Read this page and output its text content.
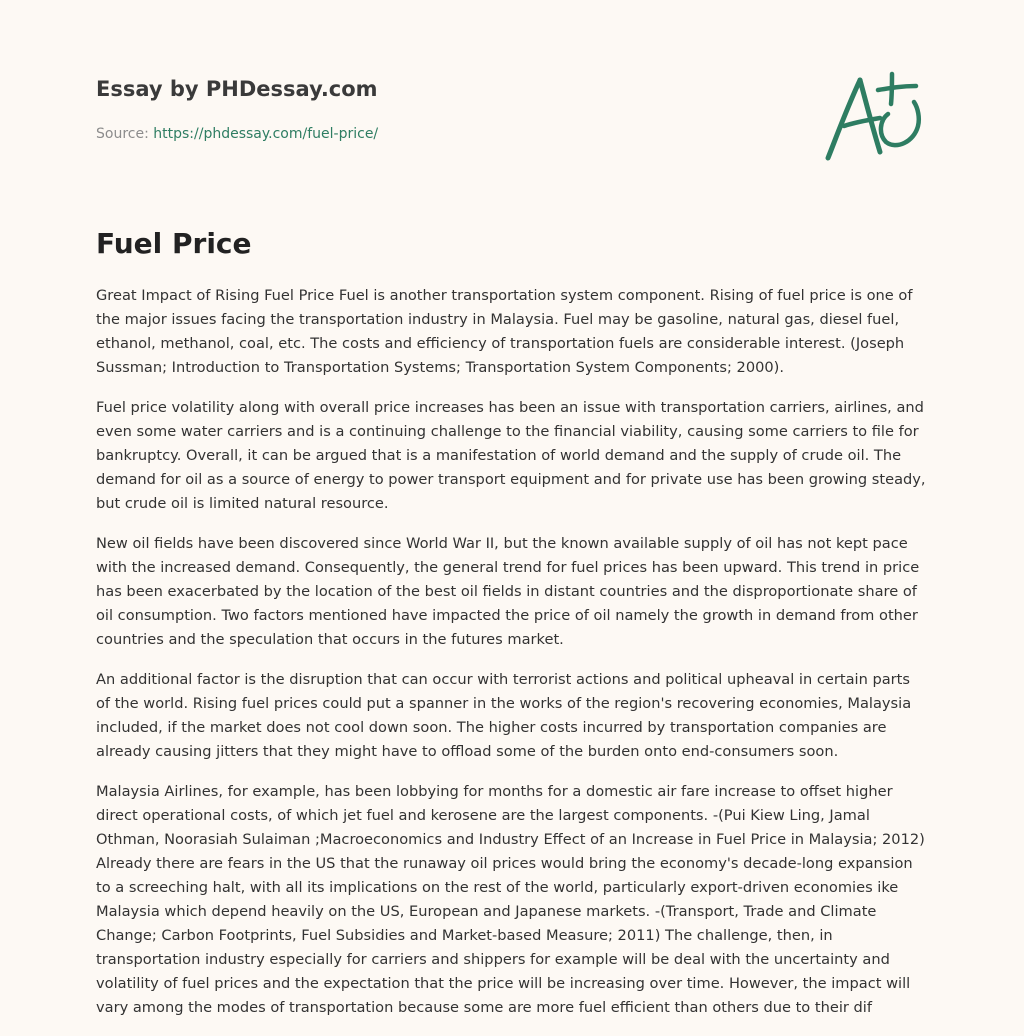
Essay by PHDessay.com
Source: https://phdessay.com/fuel-price/
Fuel Price

Great Impact of Rising Fuel Price Fuel is another transportation system component. Rising of fuel price is one of the major issues facing the transportation industry in Malaysia. Fuel may be gasoline, natural gas, diesel fuel, ethanol, methanol, coal, etc. The costs and efficiency of transportation fuels are considerable interest. (Joseph Sussman; Introduction to Transportation Systems; Transportation System Components; 2000).

Fuel price volatility along with overall price increases has been an issue with transportation carriers, airlines, and even some water carriers and is a continuing challenge to the financial viability, causing some carriers to file for bankruptcy. Overall, it can be argued that is a manifestation of world demand and the supply of crude oil. The demand for oil as a source of energy to power transport equipment and for private use has been growing steady, but crude oil is limited natural resource.

New oil fields have been discovered since World War II, but the known available supply of oil has not kept pace with the increased demand. Consequently, the general trend for fuel prices has been upward. This trend in price has been exacerbated by the location of the best oil fields in distant countries and the disproportionate share of oil consumption. Two factors mentioned have impacted the price of oil namely the growth in demand from other countries and the speculation that occurs in the futures market.

An additional factor is the disruption that can occur with terrorist actions and political upheaval in certain parts of the world. Rising fuel prices could put a spanner in the works of the region's recovering economies, Malaysia included, if the market does not cool down soon. The higher costs incurred by transportation companies are already causing jitters that they might have to offload some of the burden onto end-consumers soon.

Malaysia Airlines, for example, has been lobbying for months for a domestic air fare increase to offset higher direct operational costs, of which jet fuel and kerosene are the largest components. -(Pui Kiew Ling, Jamal Othman, Noorasiah Sulaiman ;Macroeconomics and Industry Effect of an Increase in Fuel Price in Malaysia; 2012) Already there are fears in the US that the runaway oil prices would bring the economy's decade-long expansion to a screeching halt, with all its implications on the rest of the world, particularly export-driven economies ike Malaysia which depend heavily on the US, European and Japanese markets. -(Transport, Trade and Climate Change; Carbon Footprints, Fuel Subsidies and Market-based Measure; 2011) The challenge, then, in transportation industry especially for carriers and shippers for example will be deal with the uncertainty and volatility of fuel prices and the expectation that the price will be increasing over time. However, the impact will vary among the modes of transportation because some are more fuel efficient than others due to their dif
